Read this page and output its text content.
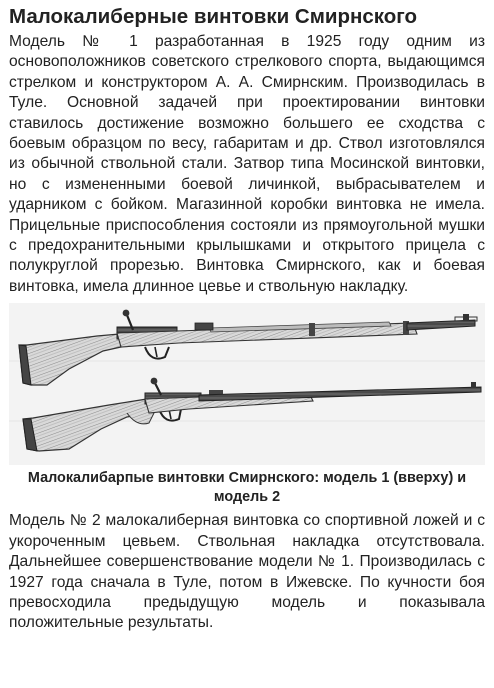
Малокалиберные винтовки Смирнского

Модель № 1 разработанная в 1925 году одним из основоположников советского стрелкового спорта, выдающимся стрелком и конструктором А. А. Смирнским. Производилась в Туле. Основной задачей при проектировании винтовки ставилось достижение возможно большего ее сходства с боевым образцом по весу, габаритам и др. Ствол изготовлялся из обычной ствольной стали. Затвор типа Мосинской винтовки, но с измененными боевой личинкой, выбрасывателем и ударником с бойком. Магазинной коробки винтовка не имела. Прицельные приспособления состояли из прямоугольной мушки с предохранительными крылышками и открытого прицела с полукруглой прорезью. Винтовка Смирнского, как и боевая винтовка, имела длинное цевье и ствольную накладку.

Малокалибарпые винтовки Смирнского: модель 1 (вверху) и модель 2

Модель № 2 малокалиберная винтовка со спортивной ложей и с укороченным цевьем. Ствольная накладка отсутствовала. Дальнейшее совершенствование модели № 1. Производилась с 1927 года сначала в Туле, потом в Ижевске. По кучности боя превосходила предыдущую модель и показывала положительные результаты.
